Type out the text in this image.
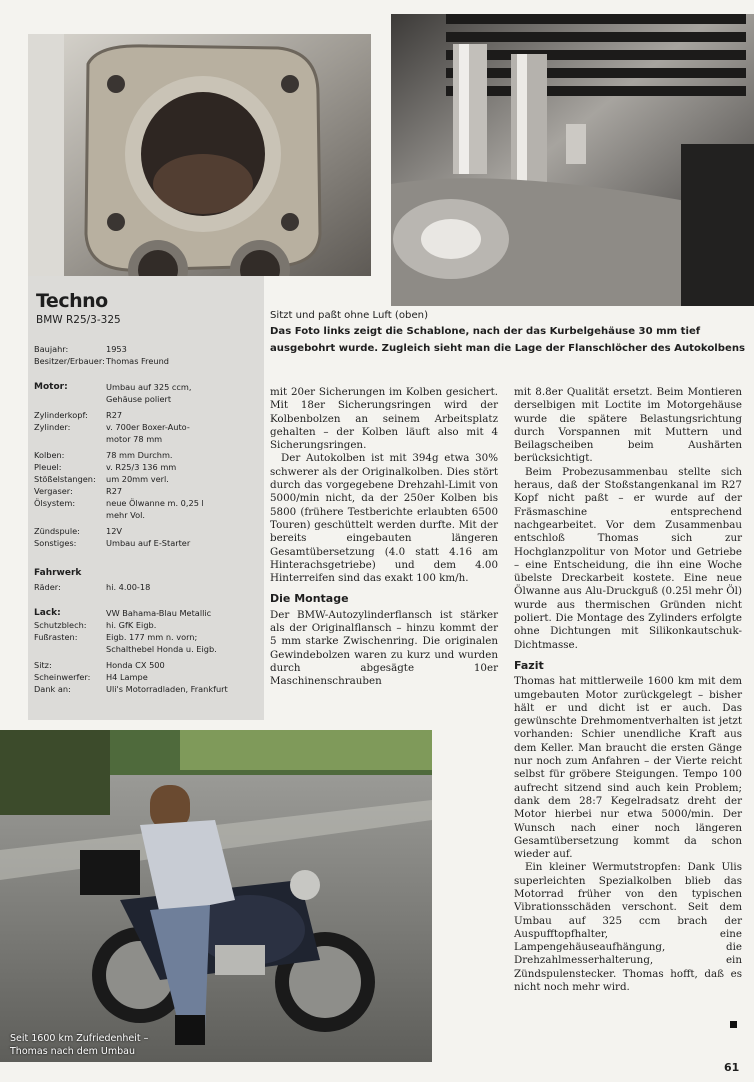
Techno
BMW R25/3-325
Baujahr:	1953
Besitzer/Erbauer: Thomas Freund
Motor:	Umbau auf 325 ccm,
Gehäuse poliert
Zylinderkopf:	R27
Zylinder:	v. 700er Boxer-Auto-
motor 78 mm
Kolben:	78 mm Durchm.
Pleuel:	v. R25/3 136 mm
Stößelstangen:	um 20mm verl.
Vergaser:	R27
Ölsystem:	neue Ölwanne m. 0,25 l
mehr Vol.
Zündspule:	12V
Sonstiges:	Umbau auf E-Starter
Fahrwerk
Räder:	hi. 4.00-18
Lack:	VW Bahama-Blau Metallic
Schutzblech:	hi. GfK Eigb.
Fußrasten:	Eigb. 177 mm n. vorn;
Schalthebel Honda u. Eigb.
Sitz:	Honda CX 500
Scheinwerfer:	H4 Lampe
Dank an:	Uli's Motorradladen, Frankfurt
Sitzt und paßt ohne Luft (oben)
Das Foto links zeigt die Schablone, nach der das Kurbelgehäuse 30 mm tief
ausgebohrt wurde. Zugleich sieht man die Lage der Flanschlöcher des Autokolbens

mit 20er Sicherungen im Kolben gesichert. Mit 18er Sicherungsringen wird der Kolbenbolzen an seinem Arbeitsplatz gehalten – der Kolben läuft also mit 4 Sicherungsringen.

Der Autokolben ist mit 394g etwa 30% schwerer als der Originalkolben. Dies stört durch das vorgegebene Drehzahl-Limit von 5000/min nicht, da der 250er Kolben bis 5800 (frühere Testberichte erlaubten 6500 Touren) geschüttelt werden durfte. Mit der bereits eingebauten längeren Gesamtübersetzung (4.0 statt 4.16 am Hinterachsgetriebe) und dem 4.00 Hinterreifen sind das exakt 100 km/h.

Die Montage

Der BMW-Autozylinderflansch ist stärker als der Originalflansch – hinzu kommt der 5 mm starke Zwischenring. Die originalen Gewindebolzen waren zu kurz und wurden durch abgesägte 10er Maschinenschrauben

mit 8.8er Qualität ersetzt. Beim Montieren derselbigen mit Loctite im Motorgehäuse wurde die spätere Belastungsrichtung durch Vorspannen mit Muttern und Beilagscheiben beim Aushärten berücksichtigt.

Beim Probezusammenbau stellte sich heraus, daß der Stoßstangenkanal im R27 Kopf nicht paßt – er wurde auf der Fräsmaschine entsprechend nachgearbeitet. Vor dem Zusammenbau entschloß Thomas sich zur Hochglanzpolitur von Motor und Getriebe – eine Entscheidung, die ihn eine Woche übelste Dreckarbeit kostete. Eine neue Ölwanne aus Alu-Druckguß (0.25l mehr Öl) wurde aus thermischen Gründen nicht poliert. Die Montage des Zylinders erfolgte ohne Dichtungen mit Silikonkautschuk-Dichtmasse.

Fazit

Thomas hat mittlerweile 1600 km mit dem umgebauten Motor zurückgelegt – bisher hält er und dicht ist er auch. Das gewünschte Drehmomentverhalten ist jetzt vorhanden: Schier unendliche Kraft aus dem Keller. Man braucht die ersten Gänge nur noch zum Anfahren – der Vierte reicht selbst für gröbere Steigungen. Tempo 100 aufrecht sitzend sind auch kein Problem; dank dem 28:7 Kegelradsatz dreht der Motor hierbei nur etwa 5000/min. Der Wunsch nach einer noch längeren Gesamtübersetzung kommt da schon wieder auf.

Ein kleiner Wermutstropfen: Dank Ulis superleichten Spezialkolben blieb das Motorrad früher von den typischen Vibrationsschäden verschont. Seit dem Umbau auf 325 ccm brach der Auspufftopfhalter, eine Lampengehäuseaufhängung, die Drehzahlmesserhalterung, ein Zündspulenstecker. Thomas hofft, daß es nicht noch mehr wird.

Seit 1600 km Zufriedenheit –
Thomas nach dem Umbau
61
